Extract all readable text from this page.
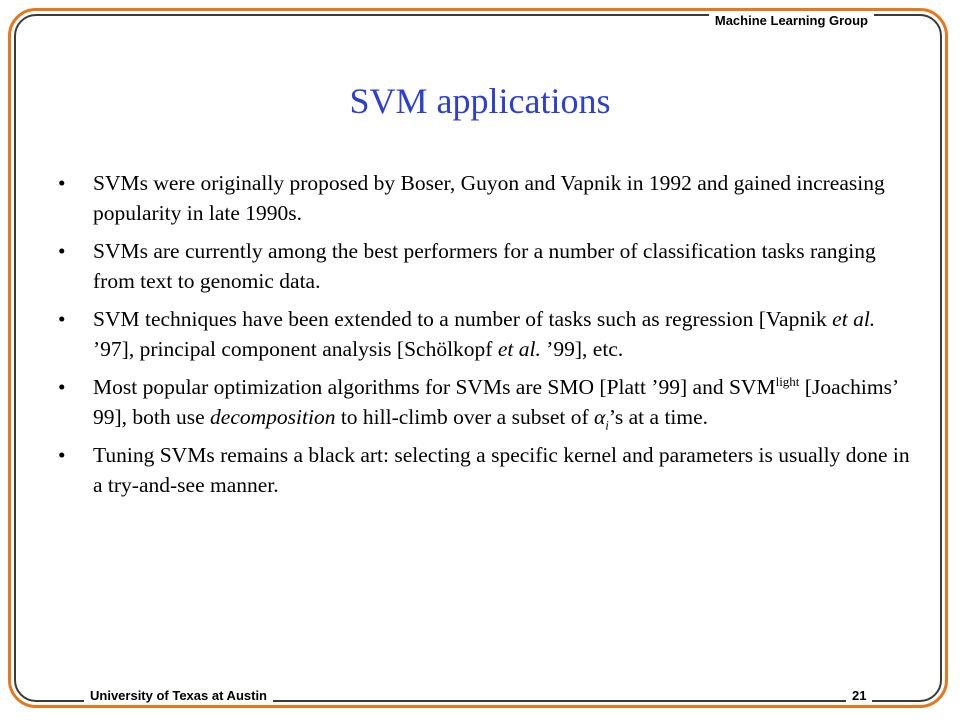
Machine Learning Group
SVM applications
•	SVMs were originally proposed by Boser, Guyon and Vapnik in 1992 and gained increasing popularity in late 1990s.
•	SVMs are currently among the best performers for a number of classification tasks ranging from text to genomic data.
•	SVM techniques have been extended to a number of tasks such as regression [Vapnik et al. ’97], principal component analysis [Schölkopf et al. ’99], etc.
•	Most popular optimization algorithms for SVMs are SMO [Platt ’99] and $SVM^{light}$ [Joachims’ 99], both use decomposition to hill-climb over a subset of $\alpha_i’s$ at a time.
•	Tuning SVMs remains a black art: selecting a specific kernel and parameters is usually done in a try-and-see manner.
University of Texas at Austin	21
